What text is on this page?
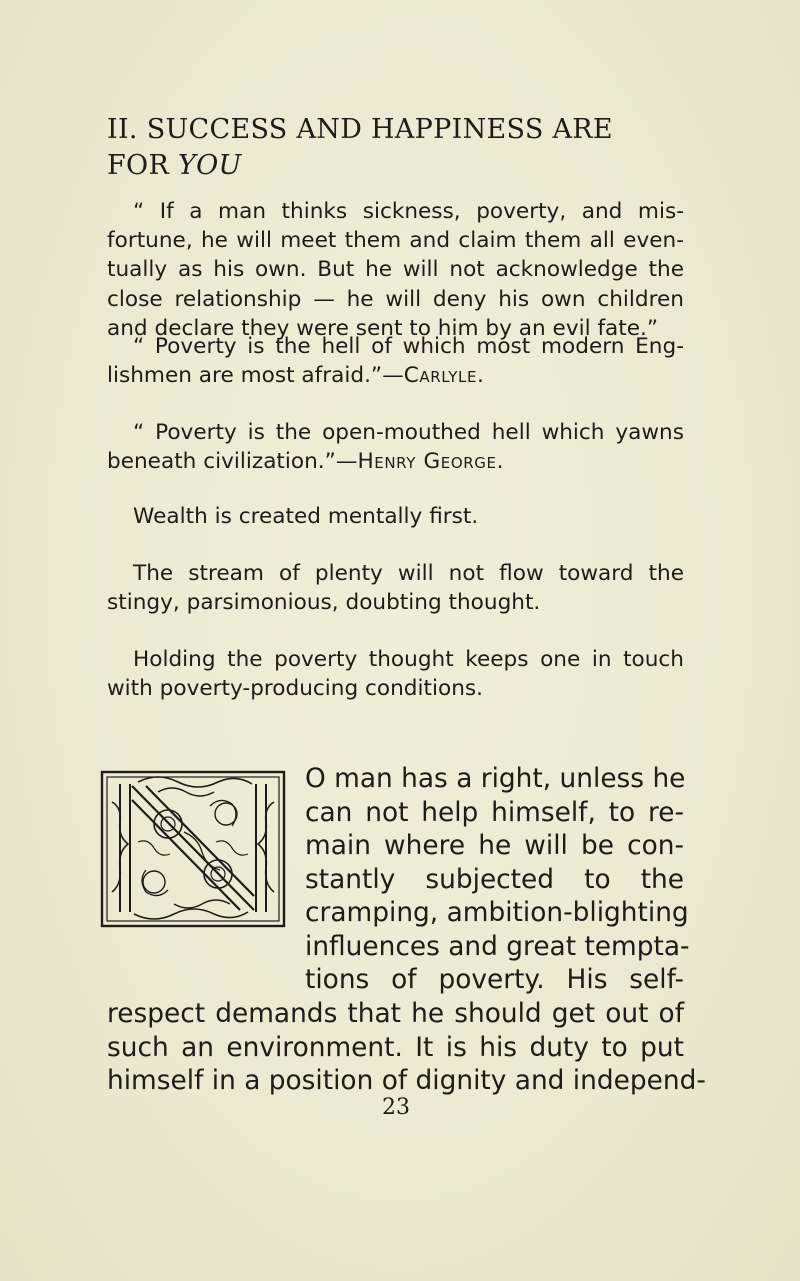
II. SUCCESS AND HAPPINESS ARE
FOR YOU

“ If a man thinks sickness, poverty, and mis-
fortune, he will meet them and claim them all even-
tually as his own. But he will not acknowledge the
close relationship — he will deny his own children
and declare they were sent to him by an evil fate.”

“ Poverty is the hell of which most modern Eng-
lishmen are most afraid.”—Carlyle.

“ Poverty is the open-mouthed hell which yawns
beneath civilization.”—Henry George.

Wealth is created mentally first.

The stream of plenty will not flow toward the
stingy, parsimonious, doubting thought.

Holding the poverty thought keeps one in touch
with poverty-producing conditions.

O man has a right, unless he
can not help himself, to re-
main where he will be con-
stantly subjected to the
cramping, ambition-blighting
influences and great tempta-
tions of poverty. His self-

respect demands that he should get out of
such an environment. It is his duty to put
himself in a position of dignity and independ-

23
